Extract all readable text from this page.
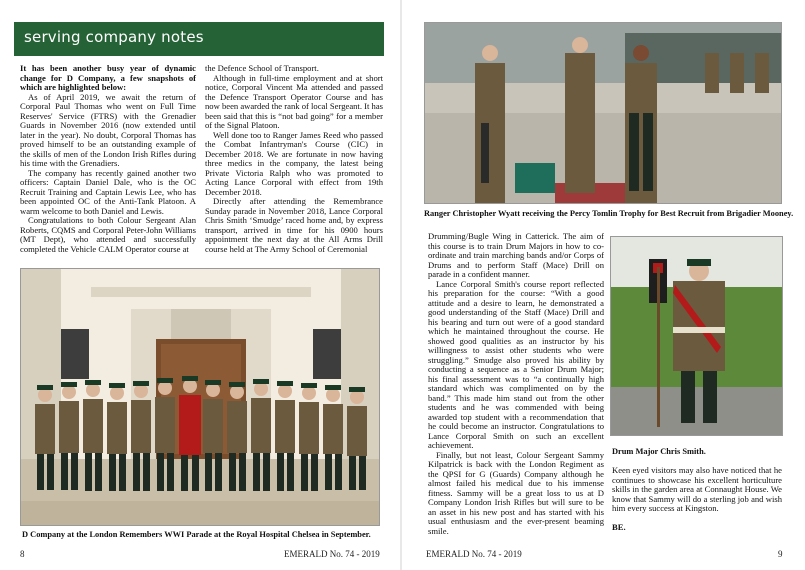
serving company notes

It has been another busy year of dynamic change for D Company, a few snapshots of which are highlighted below:

As of April 2019, we await the return of Corporal Paul Thomas who went on Full Time Reserves' Service (FTRS) with the Grenadier Guards in November 2016 (now extended until later in the year). No doubt, Corporal Thomas has proved himself to be an outstanding example of the skills of men of the London Irish Rifles during his time with the Grenadiers.

The company has recently gained another two officers: Captain Daniel Dale, who is the OC Recruit Training and Captain Lewis Lee, who has been appointed OC of the Anti-Tank Platoon. A warm welcome to both Daniel and Lewis.

Congratulations to both Colour Sergeant Alan Roberts, CQMS and Corporal Peter-John Williams (MT Dept), who attended and successfully completed the Vehicle CALM Operator course at

the Defence School of Transport.

Although in full-time employment and at short notice, Corporal Vincent Ma attended and passed the Defence Transport Operator Course and has now been awarded the rank of local Sergeant. It has been said that this is “not bad going” for a member of the Signal Platoon.

Well done too to Ranger James Reed who passed the Combat Infantryman's Course (CIC) in December 2018. We are fortunate in now having three medics in the company, the latest being Private Victoria Ralph who was promoted to Acting Lance Corporal with effect from 19th December 2018.

Directly after attending the Remembrance Sunday parade in November 2018, Lance Corporal Chris Smith ‘Smudge’ raced home and, by express transport, arrived in time for his 0900 hours appointment the next day at the All Arms Drill course held at The Army School of Ceremonial

D Company at the London Remembers WWI Parade at the Royal Hospital Chelsea in September.
8	EMERALD No. 74 - 2019
Ranger Christopher Wyatt receiving the Percy Tomlin Trophy for Best Recruit from Brigadier Mooney.

Drumming/Bugle Wing in Catterick. The aim of this course is to train Drum Majors in how to co-ordinate and train marching bands and/or Corps of Drums and to perform Staff (Mace) Drill on parade in a confident manner.

Lance Corporal Smith's course report reflected his preparation for the course: “With a good attitude and a desire to learn, he demonstrated a good understanding of the Staff (Mace) Drill and his bearing and turn out were of a good standard which he maintained throughout the course. He showed good qualities as an instructor by his willingness to assist other students who were struggling.” Smudge also proved his ability by conducting a sequence as a Senior Drum Major; his final assessment was to “a continually high standard which was complimented on by the band.” This made him stand out from the other students and he was commended with being awarded top student with a recommendation that he could become an instructor. Congratulations to Lance Corporal Smith on such an excellent achievement.

Finally, but not least, Colour Sergeant Sammy Kilpatrick is back with the London Regiment as the QPSI for G (Guards) Company although he almost failed his medical due to his immense fitness. Sammy will be a great loss to us at D Company London Irish Rifles but will sure to be an asset in his new post and has started with his usual enthusiasm and the ever-present beaming smile.

Drum Major Chris Smith.

Keen eyed visitors may also have noticed that he continues to showcase his excellent horticulture skills in the garden area at Connaught House. We know that Sammy will do a sterling job and wish him every success at Kingston.

BE.

EMERALD No. 74 - 2019	9
